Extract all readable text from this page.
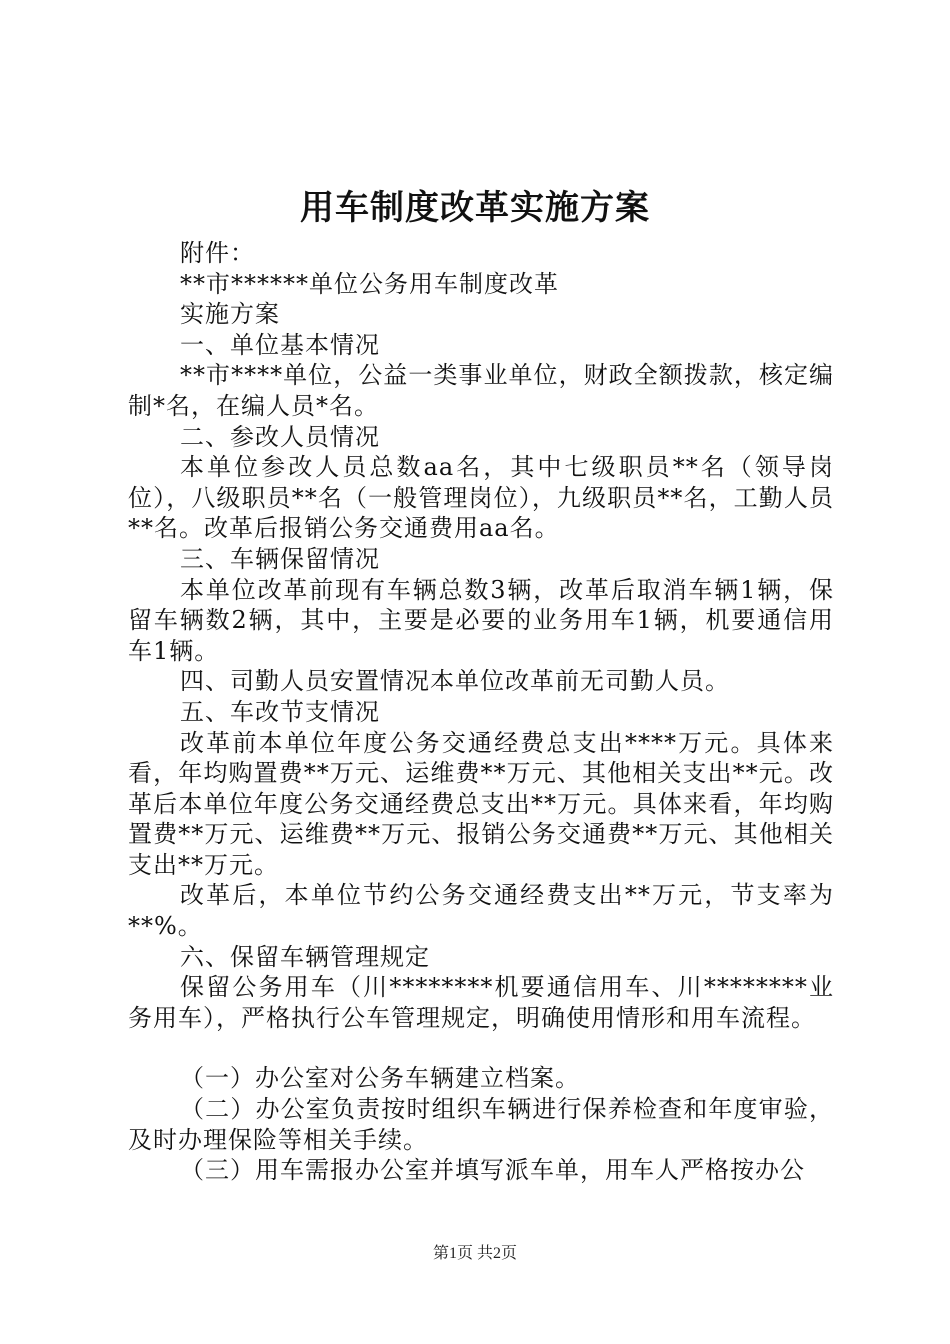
用车制度改革实施方案

附件：

**市******单位公务用车制度改革

实施方案

一、单位基本情况

**市****单位，公益一类事业单位，财政全额拨款，核定编制*名，在编人员*名。

二、参改人员情况

本单位参改人员总数aa名，其中七级职员**名（领导岗位），八级职员**名（一般管理岗位），九级职员**名，工勤人员**名。改革后报销公务交通费用aa名。

三、车辆保留情况

本单位改革前现有车辆总数3辆，改革后取消车辆1辆，保留车辆数2辆，其中，主要是必要的业务用车1辆，机要通信用车1辆。

四、司勤人员安置情况本单位改革前无司勤人员。

五、车改节支情况

改革前本单位年度公务交通经费总支出****万元。具体来看，年均购置费**万元、运维费**万元、其他相关支出**元。改革后本单位年度公务交通经费总支出**万元。具体来看，年均购置费**万元、运维费**万元、报销公务交通费**万元、其他相关支出**万元。

改革后，本单位节约公务交通经费支出**万元，节支率为**%。

六、保留车辆管理规定

保留公务用车（川********机要通信用车、川********业务用车），严格执行公车管理规定，明确使用情形和用车流程。

（一）办公室对公务车辆建立档案。

（二）办公室负责按时组织车辆进行保养检查和年度审验，及时办理保险等相关手续。

（三）用车需报办公室并填写派车单，用车人严格按办公

第1页 共2页
